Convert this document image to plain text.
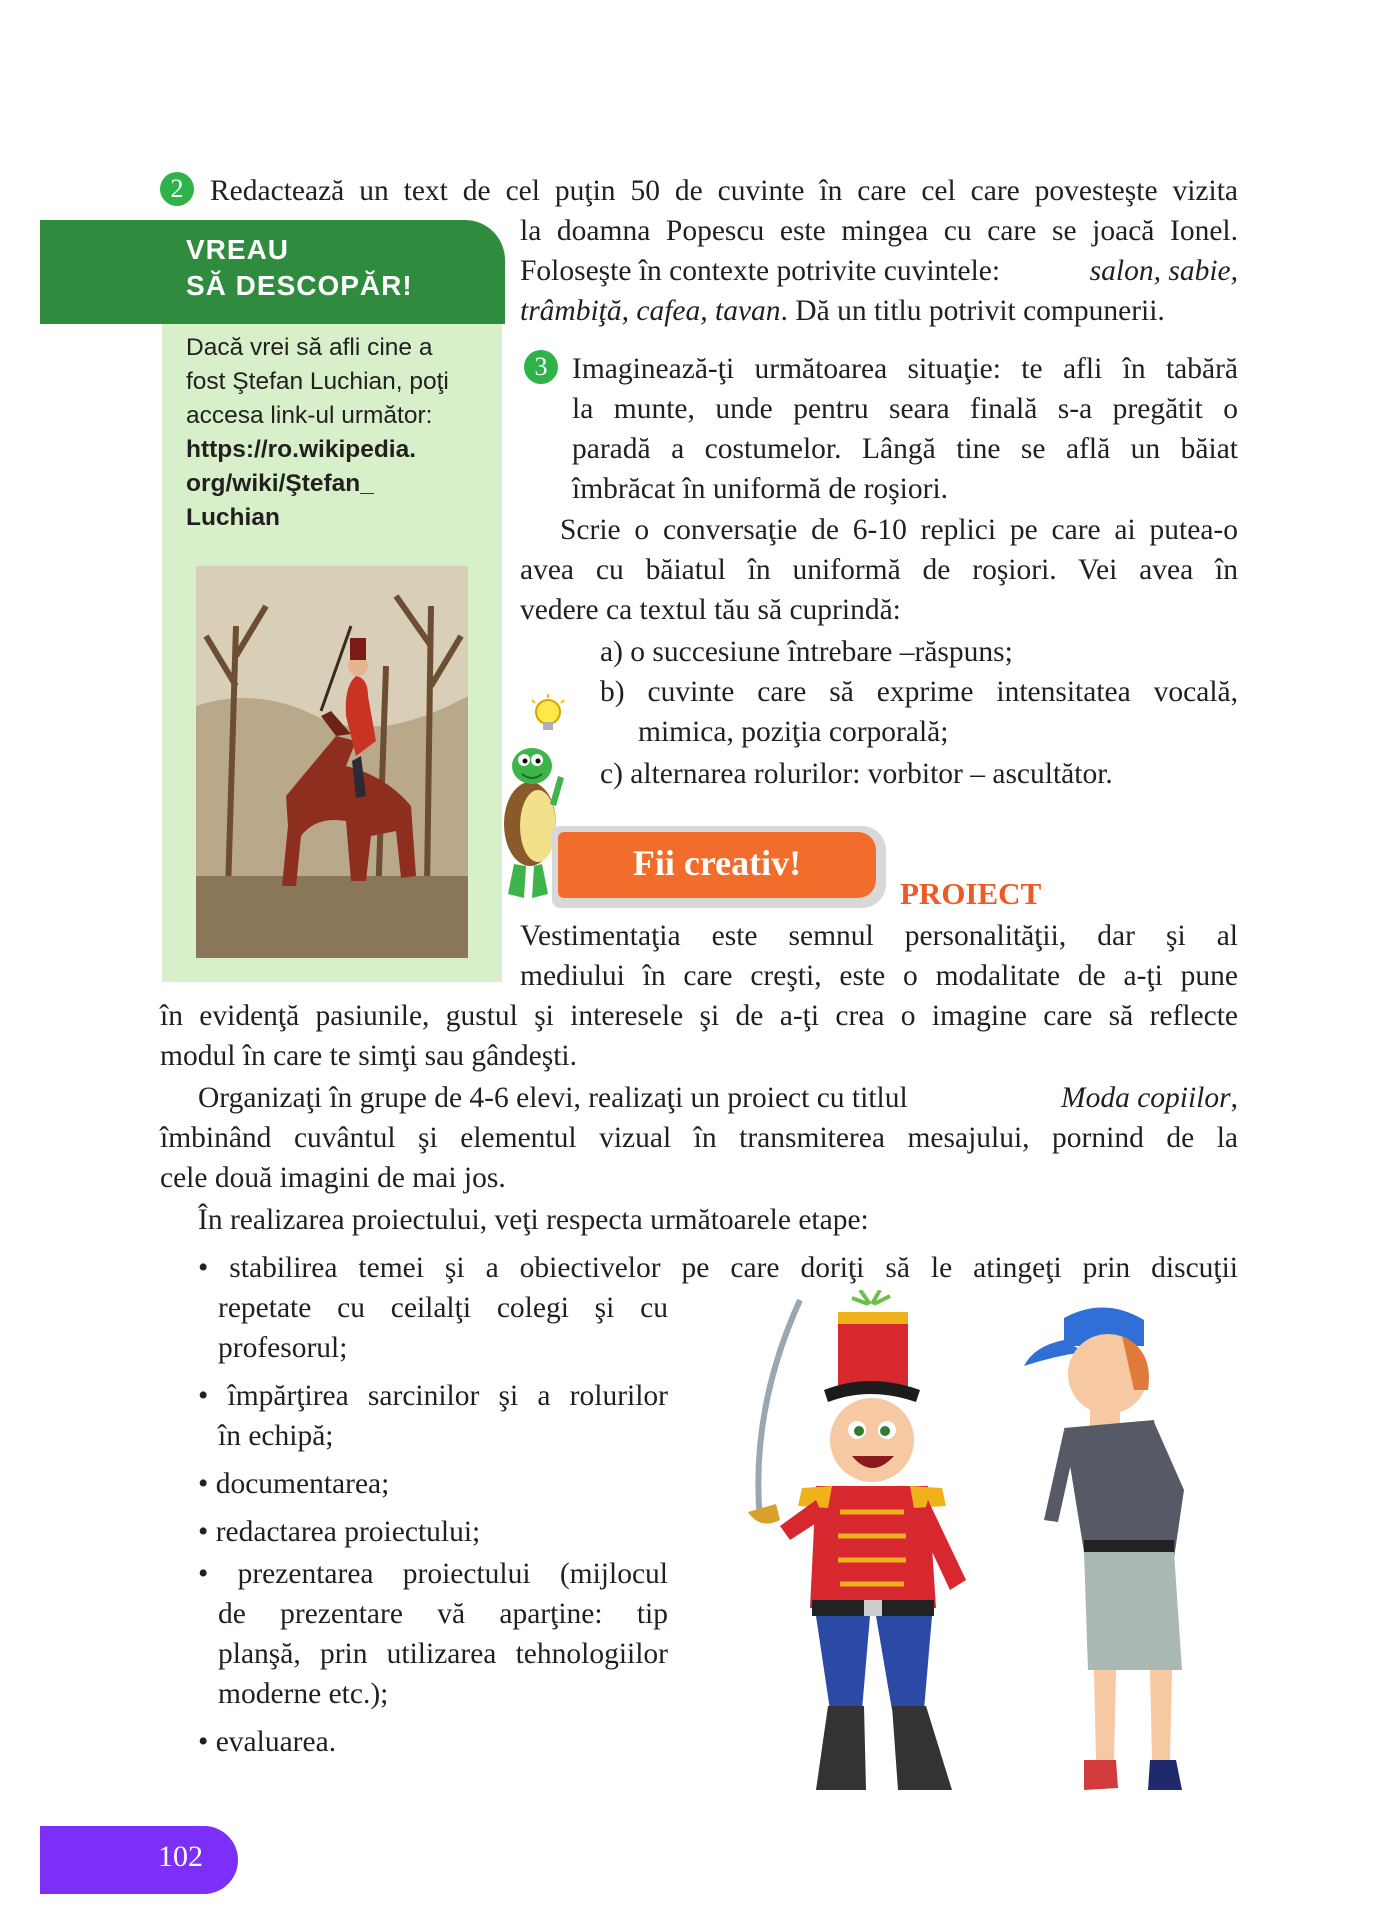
2 Redactează un text de cel puţin 50 de cuvinte în care cel care povesteşte vizita
la doamna Popescu este mingea cu care se joacă Ionel.
Foloseşte în contexte potrivite cuvintele:	salon, sabie,
trâmbiţă, cafea, tavan . Dă un titlu potrivit compunerii.
VREAU
SĂ DESCOPĂR!
Dacă vrei să afli cine a
fost Ştefan Luchian, poţi
accesa link-ul următor:
https://ro.wikipedia.
org/wiki/Ştefan_
Luchian
3 Imaginează-ţi următoarea situaţie: te afli în tabără
la munte, unde pentru seara finală s-a pregătit o
paradă a costumelor. Lângă tine se află un băiat
îmbrăcat în uniformă de roşiori.
Scrie o conversaţie de 6-10 replici pe care ai putea-o
avea cu băiatul în uniformă de roşiori. Vei avea în
vedere ca textul tău să cuprindă:
a) o succesiune întrebare –răspuns;
b) cuvinte care să exprime intensitatea vocală,
mimica, poziţia corporală;
c) alternarea rolurilor: vorbitor – ascultător.
Fii creativ!
PROIECT
Vestimentaţia este semnul personalităţii, dar şi al
mediului în care creşti, este o modalitate de a-ţi pune
în evidenţă pasiunile, gustul şi interesele şi de a-ţi crea o imagine care să reflecte
modul în care te simţi sau gândeşti.
Organizaţi în grupe de 4-6 elevi, realizaţi un proiect cu titlul	Moda copiilor,
îmbinând cuvântul şi elementul vizual în transmiterea mesajului, pornind de la
cele două imagini de mai jos.
În realizarea proiectului, veţi respecta următoarele etape:
• stabilirea temei şi a obiectivelor pe care doriţi să le atingeţi prin discuţii
repetate cu ceilalţi colegi şi cu
profesorul;
• împărţirea sarcinilor şi a rolurilor
în echipă;
• documentarea;
• redactarea proiectului;
• prezentarea proiectului (mijlocul
de prezentare vă aparţine: tip
planşă, prin utilizarea tehnologiilor
moderne etc.);
• evaluarea.
102
